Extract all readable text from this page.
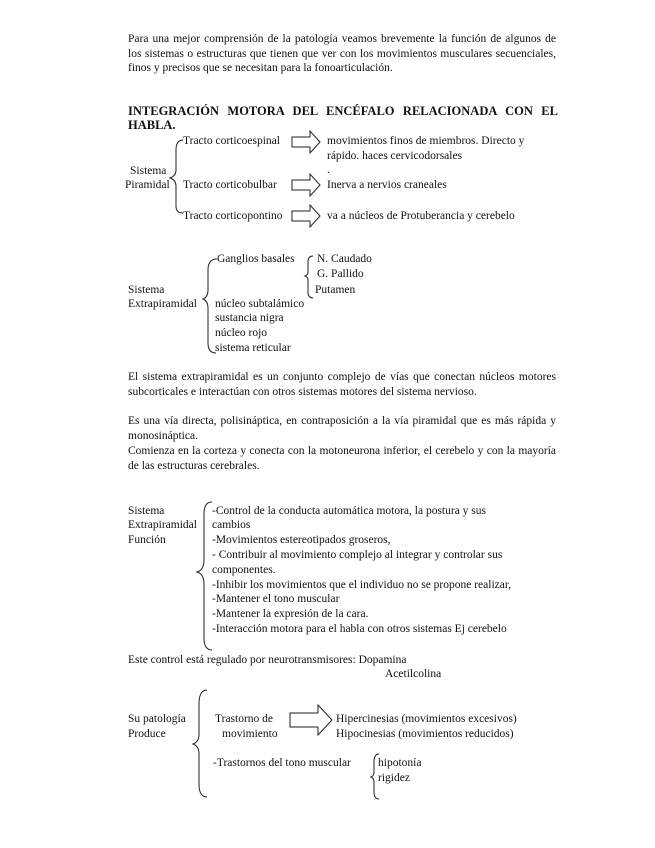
Para una mejor comprensión de la patología veamos brevemente la función de algunos de los sistemas o estructuras que tienen que ver con los movimientos musculares secuenciales, finos y precisos que se necesitan para la fonoarticulación.
INTEGRACIÓN MOTORA DEL ENCÉFALO RELACIONADA CON EL HABLA.
Sistema
Piramidal
Tracto corticoespinal
Tracto corticobulbar
Tracto corticopontino
movimientos finos de miembros. Directo y
rápido. haces cervicodorsales
.
Inerva a nervios craneales
va a núcleos de Protuberancia y cerebelo
Sistema
Extrapiramidal
Ganglios basales N. Caudado
G. Pallido
Putamen
núcleo subtalámico
sustancia nigra
núcleo rojo
sistema reticular
El sistema extrapiramidal es un conjunto complejo de vías que conectan núcleos motores subcorticales e interactúan con otros sistemas motores del sistema nervioso.
Es una vía directa, polisináptica, en contraposición a la vía piramidal que es más rápida y monosináptica.
Comienza en la corteza y conecta con la motoneurona inferior, el cerebelo y con la mayoría de las estructuras cerebrales.
Sistema
Extrapiramidal
Función
-Control de la conducta automática motora, la postura y sus
cambios
-Movimientos estereotipados groseros,
- Contribuir al movimiento complejo al integrar y controlar sus
componentes.
-Inhibir los movimientos que el individuo no se propone realizar,
-Mantener el tono muscular
-Mantener la expresión de la cara.
-Interacción motora para el habla con otros sistemas Ej cerebelo
Este control está regulado por neurotransmisores: Dopamina
Acetilcolina
Su patología
Produce
Trastorno de
movimiento
Hipercinesias (movimientos excesivos)
Hipocinesias (movimientos reducidos)
-Trastornos del tono muscular hipotonía
rigidez
